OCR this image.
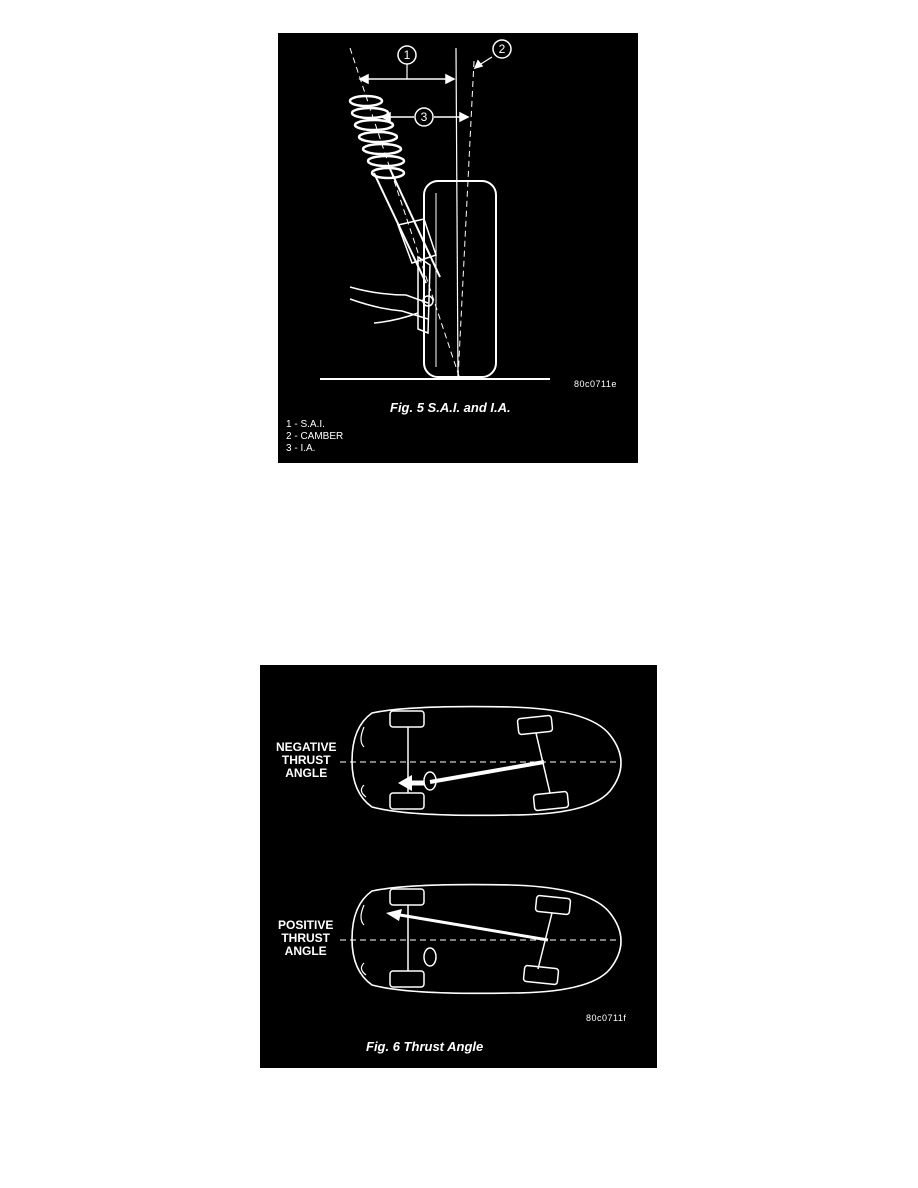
1	2
3
80c0711e
Fig. 5 S.A.I. and I.A.
1 - S.A.I.
2 - CAMBER
3 - I.A.
NEGATIVE
THRUST
ANGLE
POSITIVE
THRUST
ANGLE
80c0711f
Fig. 6 Thrust Angle
